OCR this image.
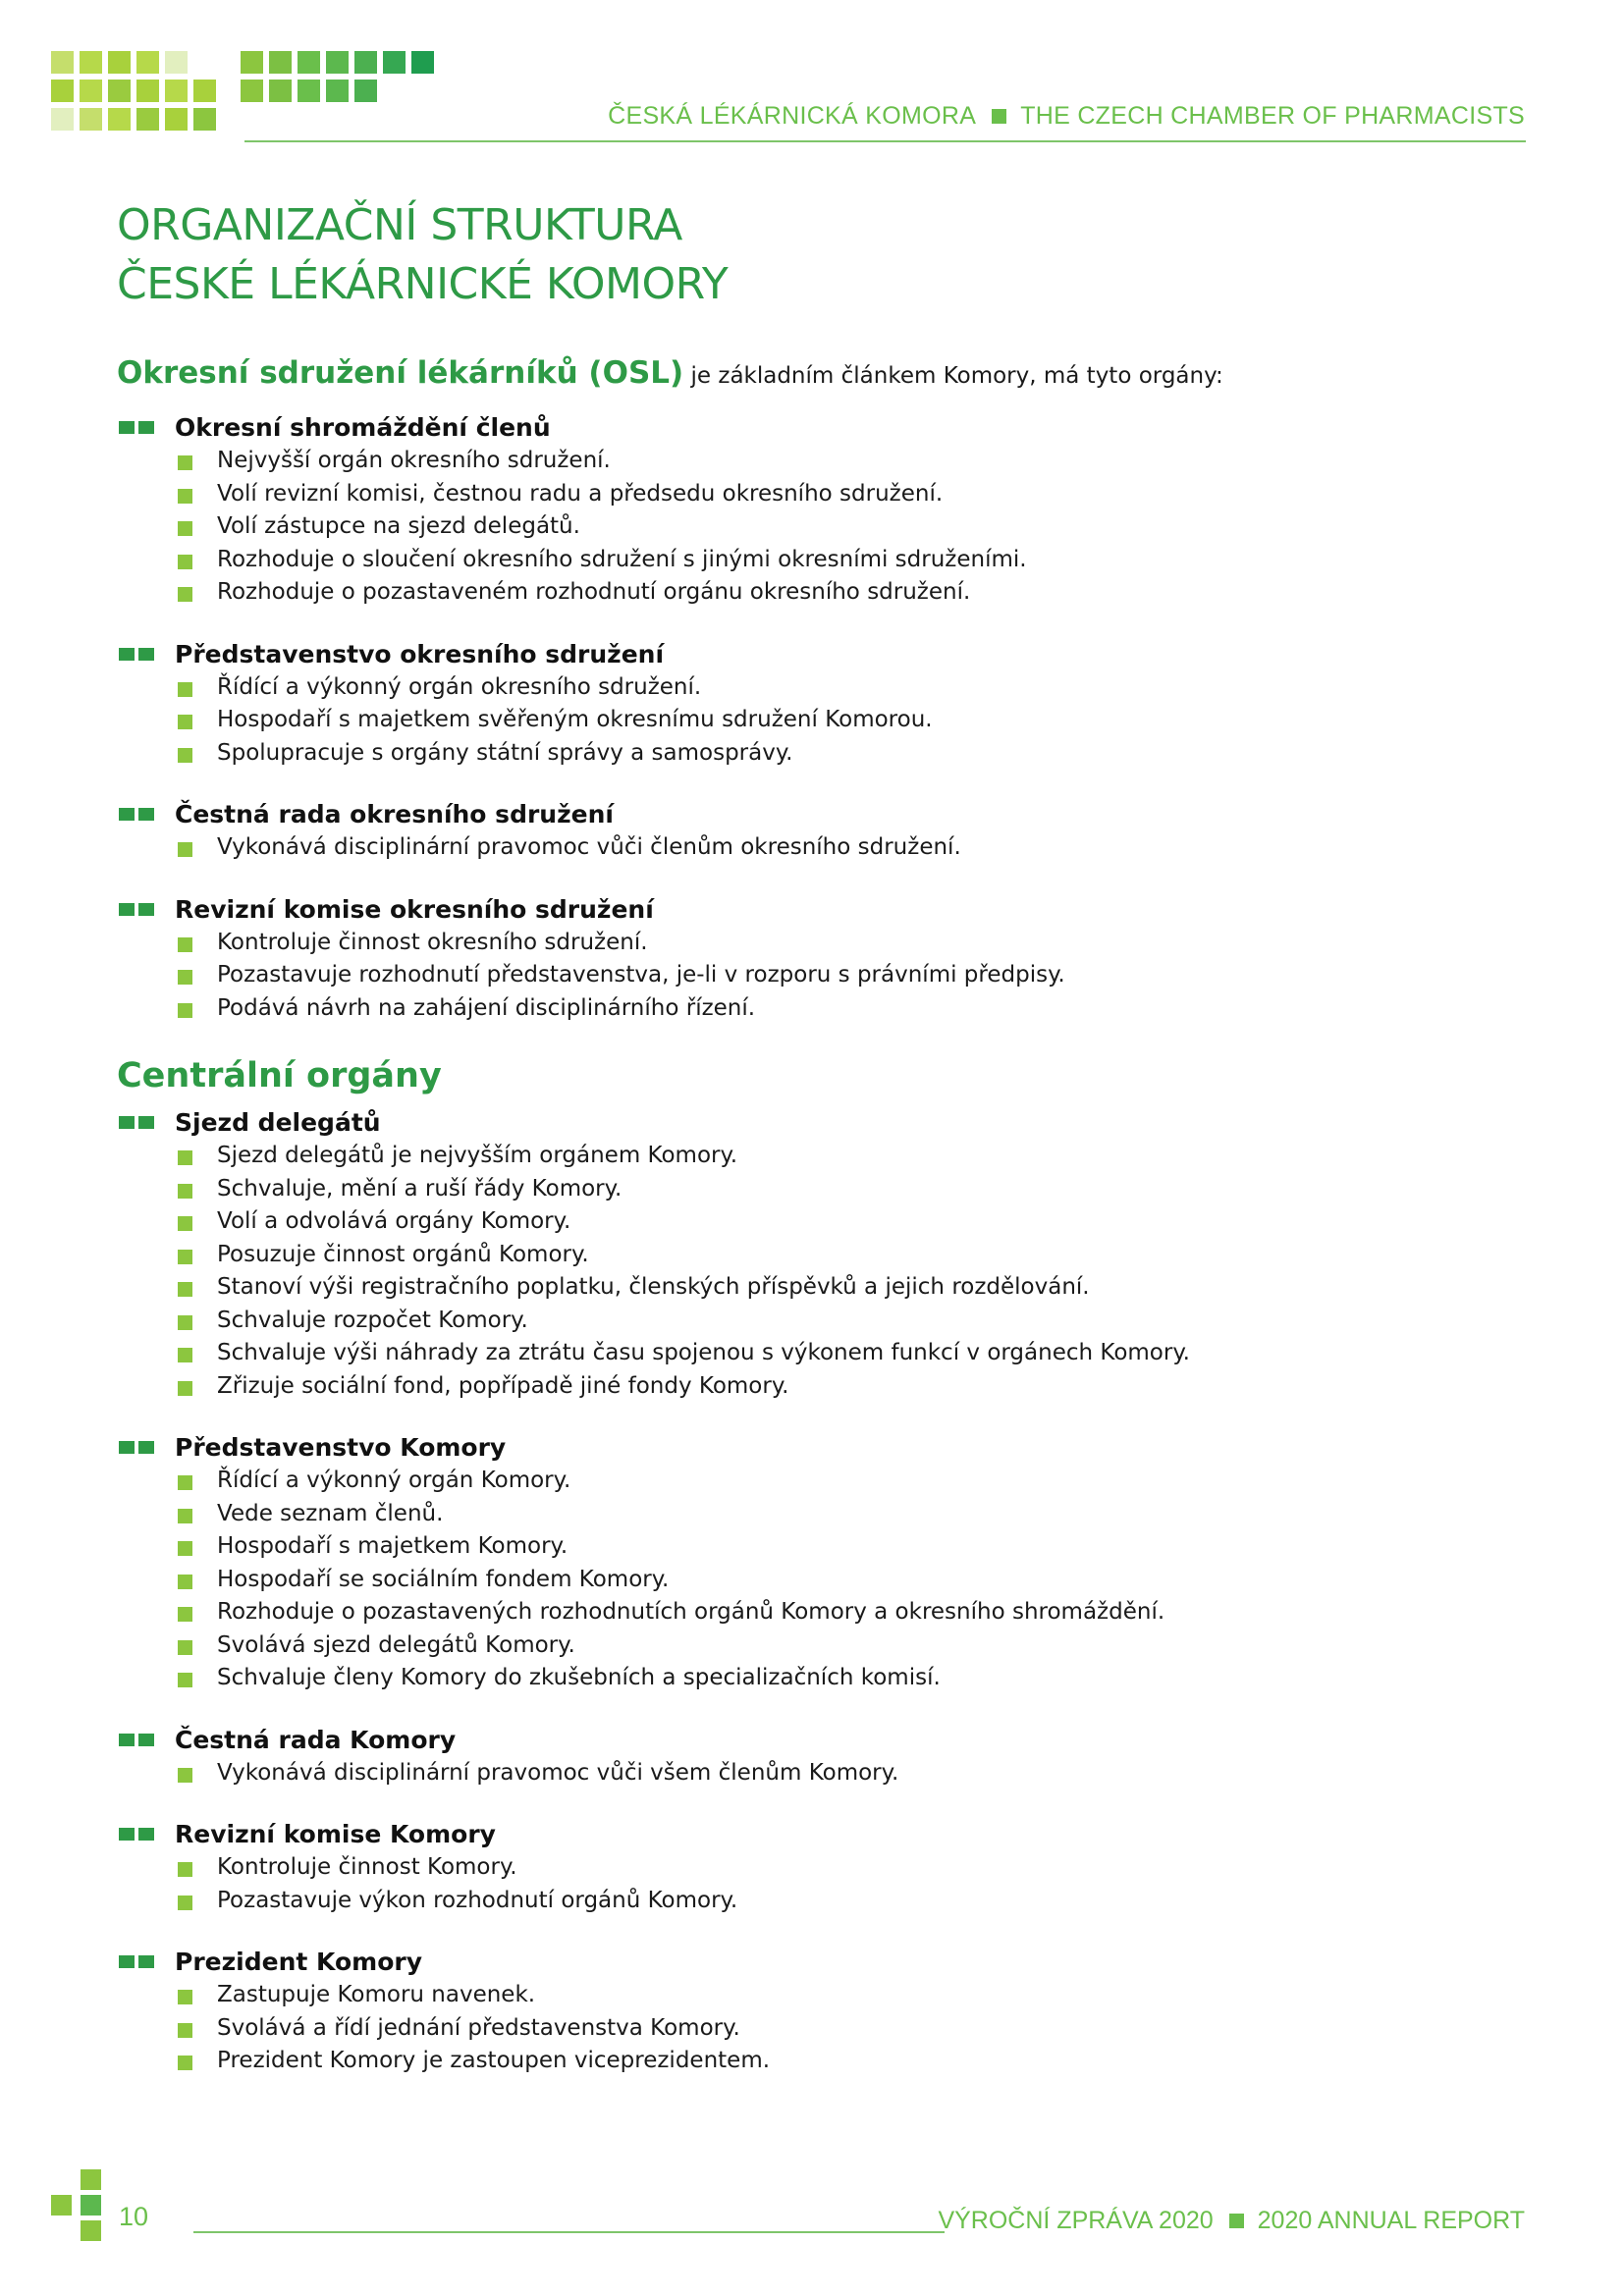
ČESKÁ LÉKÁRNICKÁ KOMORA THE CZECH CHAMBER OF PHARMACISTS
ORGANIZAČNÍ STRUKTURA
ČESKÉ LÉKÁRNICKÉ KOMORY

Okresní sdružení lékárníků (OSL) je základním článkem Komory, má tyto orgány:

Okresní shromáždění členů
Nejvyšší orgán okresního sdružení.
Volí revizní komisi, čestnou radu a předsedu okresního sdružení.
Volí zástupce na sjezd delegátů.
Rozhoduje o sloučení okresního sdružení s jinými okresními sdruženími.
Rozhoduje o pozastaveném rozhodnutí orgánu okresního sdružení.
Představenstvo okresního sdružení
Řídící a výkonný orgán okresního sdružení.
Hospodaří s majetkem svěřeným okresnímu sdružení Komorou.
Spolupracuje s orgány státní správy a samosprávy.
Čestná rada okresního sdružení
Vykonává disciplinární pravomoc vůči členům okresního sdružení.
Revizní komise okresního sdružení
Kontroluje činnost okresního sdružení.
Pozastavuje rozhodnutí představenstva, je-li v rozporu s právními předpisy.
Podává návrh na zahájení disciplinárního řízení.
Centrální orgány
Sjezd delegátů
Sjezd delegátů je nejvyšším orgánem Komory.
Schvaluje, mění a ruší řády Komory.
Volí a odvolává orgány Komory.
Posuzuje činnost orgánů Komory.
Stanoví výši registračního poplatku, členských příspěvků a jejich rozdělování.
Schvaluje rozpočet Komory.
Schvaluje výši náhrady za ztrátu času spojenou s výkonem funkcí v orgánech Komory.
Zřizuje sociální fond, popřípadě jiné fondy Komory.
Představenstvo Komory
Řídící a výkonný orgán Komory.
Vede seznam členů.
Hospodaří s majetkem Komory.
Hospodaří se sociálním fondem Komory.
Rozhoduje o pozastavených rozhodnutích orgánů Komory a okresního shromáždění.
Svolává sjezd delegátů Komory.
Schvaluje členy Komory do zkušebních a specializačních komisí.
Čestná rada Komory
Vykonává disciplinární pravomoc vůči všem členům Komory.
Revizní komise Komory
Kontroluje činnost Komory.
Pozastavuje výkon rozhodnutí orgánů Komory.
Prezident Komory
Zastupuje Komoru navenek.
Svolává a řídí jednání představenstva Komory.
Prezident Komory je zastoupen viceprezidentem.
10	VÝROČNÍ ZPRÁVA 2020 2020 ANNUAL REPORT
